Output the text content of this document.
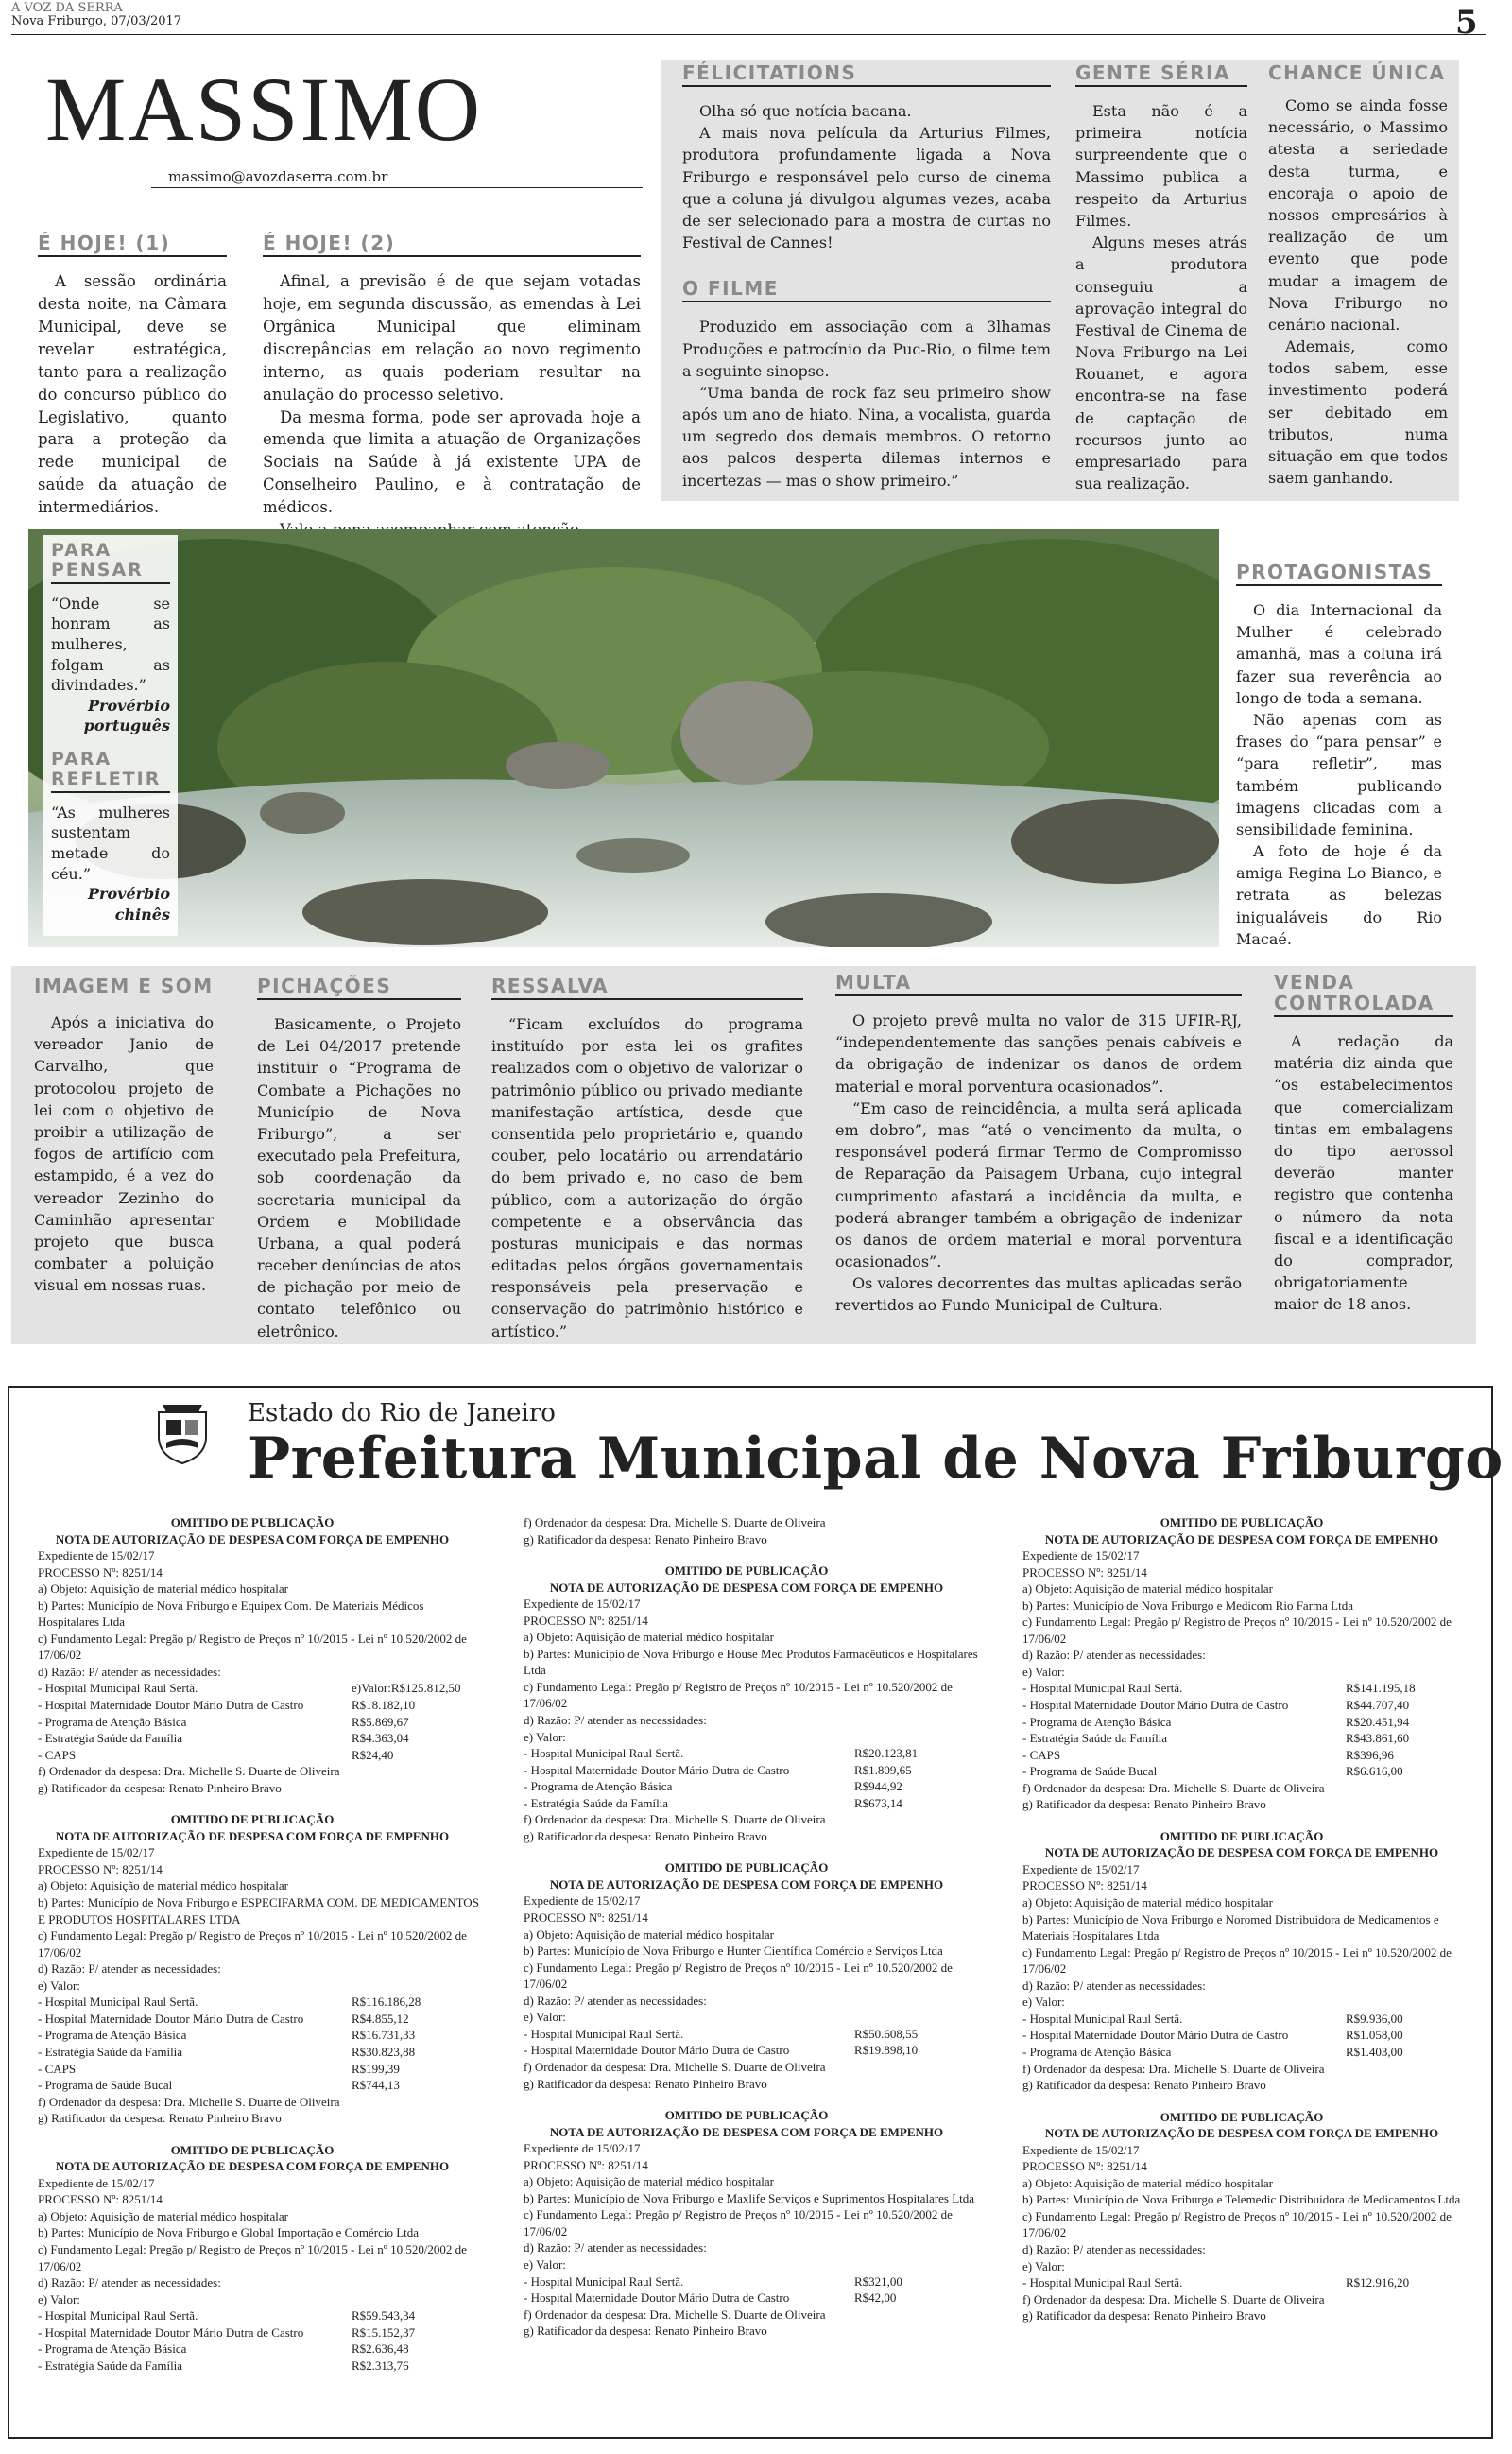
A VOZ DA SERRA
Nova Friburgo, 07/03/2017	5
MASSIMO
massimo@avozdaserra.com.br
É HOJE! (1)

A sessão ordinária desta noite, na Câmara Municipal, deve se revelar estratégica, tanto para a realização do concurso público do Legislativo, quanto para a proteção da rede municipal de saúde da atuação de intermediários.

É HOJE! (2)

Afinal, a previsão é de que sejam votadas hoje, em segunda discussão, as emendas à Lei Orgânica Municipal que eliminam discrepâncias em relação ao novo regimento interno, as quais poderiam resultar na anulação do processo seletivo.

Da mesma forma, pode ser aprovada hoje a emenda que limita a atuação de Organizações Sociais na Saúde à já existente UPA de Conselheiro Paulino, e à contratação de médicos.

FÉLICITATIONS

Olha só que notícia bacana.

A mais nova película da Arturius Filmes, produtora profundamente ligada a Nova Friburgo e responsável pelo curso de cinema que a coluna já divulgou algumas vezes, acaba de ser selecionado para a mostra de curtas no Festival de Cannes!

O FILME

Produzido em associação com a 3lhamas Produções e patrocínio da Puc-Rio, o filme tem a seguinte sinopse.

“Uma banda de rock faz seu primeiro show após um ano de hiato. Nina, a vocalista, guarda um segredo dos demais membros. O retorno aos palcos desperta dilemas internos e incertezas — mas o show primeiro.”

GENTE SÉRIA

Esta não é a primeira notícia surpreendente que o Massimo publica a respeito da Arturius Filmes.

Alguns meses atrás a produtora conseguiu a aprovação integral do Festival de Cinema de Nova Friburgo na Lei Rouanet, e agora encontra-se na fase de captação de recursos junto ao empresariado para sua realização.

CHANCE ÚNICA

Como se ainda fosse necessário, o Massimo atesta a seriedade desta turma, e encoraja o apoio de nossos empresários à realização de um evento que pode mudar a imagem de Nova Friburgo no cenário nacional.

Ademais, como todos sabem, esse investimento poderá ser debitado em tributos, numa situação em que todos saem ganhando.

PARA PENSAR
“Onde se honram as mulheres, folgam as divindades.”
Provérbio português
PARA REFLETIR
“As mulheres sustentam metade do céu.”
Provérbio chinês
PROTAGONISTAS

O dia Internacional da Mulher é celebrado amanhã, mas a coluna irá fazer sua reverência ao longo de toda a semana.

Não apenas com as frases do “para pensar” e “para refletir”, mas também publicando imagens clicadas com a sensibilidade feminina.

A foto de hoje é da amiga Regina Lo Bianco, e retrata as belezas inigualáveis do Rio Macaé.

IMAGEM E SOM

Após a iniciativa do vereador Janio de Carvalho, que protocolou projeto de lei com o objetivo de proibir a utilização de fogos de artifício com estampido, é a vez do vereador Zezinho do Caminhão apresentar projeto que busca combater a poluição visual em nossas ruas.

PICHAÇÕES

Basicamente, o Projeto de Lei 04/2017 pretende instituir o “Programa de Combate a Pichações no Município de Nova Friburgo”, a ser executado pela Prefeitura, sob coordenação da secretaria municipal da Ordem e Mobilidade Urbana, a qual poderá receber denúncias de atos de pichação por meio de contato telefônico ou eletrônico.

RESSALVA

“Ficam excluídos do programa instituído por esta lei os grafites realizados com o objetivo de valorizar o patrimônio público ou privado mediante manifestação artística, desde que consentida pelo proprietário e, quando couber, pelo locatário ou arrendatário do bem privado e, no caso de bem público, com a autorização do órgão competente e a observância das posturas municipais e das normas editadas pelos órgãos governamentais responsáveis pela preservação e conservação do patrimônio histórico e artístico.”

MULTA

O projeto prevê multa no valor de 315 UFIR-RJ, “independentemente das sanções penais cabíveis e da obrigação de indenizar os danos de ordem material e moral porventura ocasionados”.

“Em caso de reincidência, a multa será aplicada em dobro”, mas “até o vencimento da multa, o responsável poderá firmar Termo de Compromisso de Reparação da Paisagem Urbana, cujo integral cumprimento afastará a incidência da multa, e poderá abranger também a obrigação de indenizar os danos de ordem material e moral porventura ocasionados”.

Os valores decorrentes das multas aplicadas serão revertidos ao Fundo Municipal de Cultura.

VENDA CONTROLADA

A redação da matéria diz ainda que “os estabelecimentos que comercializam tintas em embalagens do tipo aerossol deverão manter registro que contenha o número da nota fiscal e a identificação do comprador, obrigatoriamente maior de 18 anos.

Estado do Rio de Janeiro
Prefeitura Municipal de Nova Friburgo
OMITIDO DE PUBLICAÇÃO
NOTA DE AUTORIZAÇÃO DE DESPESA COM FORÇA DE EMPENHO
Expediente de 15/02/17
PROCESSO Nº: 8251/14
a) Objeto: Aquisição de material médico hospitalar
b) Partes: Município de Nova Friburgo e Equipex Com. De Materiais Médicos Hospitalares Ltda
c) Fundamento Legal: Pregão p/ Registro de Preços nº 10/2015 - Lei nº 10.520/2002 de 17/06/02
d) Razão: P/ atender as necessidades:
- Hospital Municipal Raul Sertã.	e)Valor:R$125.812,50
- Hospital Maternidade Doutor Mário Dutra de Castro	R$18.182,10
- Programa de Atenção Básica	R$5.869,67
- Estratégia Saúde da Família	R$4.363,04
- CAPS	R$24,40
f) Ordenador da despesa: Dra. Michelle S. Duarte de Oliveira
g) Ratificador da despesa: Renato Pinheiro Bravo
OMITIDO DE PUBLICAÇÃO
NOTA DE AUTORIZAÇÃO DE DESPESA COM FORÇA DE EMPENHO
Expediente de 15/02/17
PROCESSO Nº: 8251/14
a) Objeto: Aquisição de material médico hospitalar
b) Partes: Município de Nova Friburgo e ESPECIFARMA COM. DE MEDICAMENTOS E PRODUTOS HOSPITALARES LTDA
c) Fundamento Legal: Pregão p/ Registro de Preços nº 10/2015 - Lei nº 10.520/2002 de 17/06/02
d) Razão: P/ atender as necessidades:
e) Valor:
- Hospital Municipal Raul Sertã.	R$116.186,28
- Hospital Maternidade Doutor Mário Dutra de Castro	R$4.855,12
- Programa de Atenção Básica	R$16.731,33
- Estratégia Saúde da Família	R$30.823,88
- CAPS	R$199,39
- Programa de Saúde Bucal	R$744,13
f) Ordenador da despesa: Dra. Michelle S. Duarte de Oliveira
g) Ratificador da despesa: Renato Pinheiro Bravo
OMITIDO DE PUBLICAÇÃO
NOTA DE AUTORIZAÇÃO DE DESPESA COM FORÇA DE EMPENHO
Expediente de 15/02/17
PROCESSO Nº: 8251/14
a) Objeto: Aquisição de material médico hospitalar
b) Partes: Município de Nova Friburgo e Global Importação e Comércio Ltda
c) Fundamento Legal: Pregão p/ Registro de Preços nº 10/2015 - Lei nº 10.520/2002 de 17/06/02
d) Razão: P/ atender as necessidades:
e) Valor:
- Hospital Municipal Raul Sertã.	R$59.543,34
- Hospital Maternidade Doutor Mário Dutra de Castro	R$15.152,37
- Programa de Atenção Básica	R$2.636,48
- Estratégia Saúde da Família	R$2.313,76
f) Ordenador da despesa: Dra. Michelle S. Duarte de Oliveira
g) Ratificador da despesa: Renato Pinheiro Bravo
OMITIDO DE PUBLICAÇÃO
NOTA DE AUTORIZAÇÃO DE DESPESA COM FORÇA DE EMPENHO
Expediente de 15/02/17
PROCESSO Nº: 8251/14
a) Objeto: Aquisição de material médico hospitalar
b) Partes: Município de Nova Friburgo e House Med Produtos Farmacêuticos e Hospitalares Ltda
c) Fundamento Legal: Pregão p/ Registro de Preços nº 10/2015 - Lei nº 10.520/2002 de 17/06/02
d) Razão: P/ atender as necessidades:
e) Valor:
- Hospital Municipal Raul Sertã.	R$20.123,81
- Hospital Maternidade Doutor Mário Dutra de Castro	R$1.809,65
- Programa de Atenção Básica	R$944,92
- Estratégia Saúde da Família	R$673,14
f) Ordenador da despesa: Dra. Michelle S. Duarte de Oliveira
g) Ratificador da despesa: Renato Pinheiro Bravo
OMITIDO DE PUBLICAÇÃO
NOTA DE AUTORIZAÇÃO DE DESPESA COM FORÇA DE EMPENHO
Expediente de 15/02/17
PROCESSO Nº: 8251/14
a) Objeto: Aquisição de material médico hospitalar
b) Partes: Município de Nova Friburgo e Hunter Científica Comércio e Serviços Ltda
c) Fundamento Legal: Pregão p/ Registro de Preços nº 10/2015 - Lei nº 10.520/2002 de 17/06/02
d) Razão: P/ atender as necessidades:
e) Valor:
- Hospital Municipal Raul Sertã.	R$50.608,55
- Hospital Maternidade Doutor Mário Dutra de Castro	R$19.898,10
f) Ordenador da despesa: Dra. Michelle S. Duarte de Oliveira
g) Ratificador da despesa: Renato Pinheiro Bravo
OMITIDO DE PUBLICAÇÃO
NOTA DE AUTORIZAÇÃO DE DESPESA COM FORÇA DE EMPENHO
Expediente de 15/02/17
PROCESSO Nº: 8251/14
a) Objeto: Aquisição de material médico hospitalar
b) Partes: Município de Nova Friburgo e Maxlife Serviços e Suprimentos Hospitalares Ltda
c) Fundamento Legal: Pregão p/ Registro de Preços nº 10/2015 - Lei nº 10.520/2002 de 17/06/02
d) Razão: P/ atender as necessidades:
e) Valor:
- Hospital Municipal Raul Sertã.	R$321,00
- Hospital Maternidade Doutor Mário Dutra de Castro	R$42,00
f) Ordenador da despesa: Dra. Michelle S. Duarte de Oliveira
g) Ratificador da despesa: Renato Pinheiro Bravo
OMITIDO DE PUBLICAÇÃO
NOTA DE AUTORIZAÇÃO DE DESPESA COM FORÇA DE EMPENHO
Expediente de 15/02/17
PROCESSO Nº: 8251/14
a) Objeto: Aquisição de material médico hospitalar
b) Partes: Município de Nova Friburgo e Medicom Rio Farma Ltda
c) Fundamento Legal: Pregão p/ Registro de Preços nº 10/2015 - Lei nº 10.520/2002 de 17/06/02
d) Razão: P/ atender as necessidades:
e) Valor:
- Hospital Municipal Raul Sertã.	R$141.195,18
- Hospital Maternidade Doutor Mário Dutra de Castro	R$44.707,40
- Programa de Atenção Básica	R$20.451,94
- Estratégia Saúde da Família	R$43.861,60
- CAPS	R$396,96
- Programa de Saúde Bucal	R$6.616,00
f) Ordenador da despesa: Dra. Michelle S. Duarte de Oliveira
g) Ratificador da despesa: Renato Pinheiro Bravo
OMITIDO DE PUBLICAÇÃO
NOTA DE AUTORIZAÇÃO DE DESPESA COM FORÇA DE EMPENHO
Expediente de 15/02/17
PROCESSO Nº: 8251/14
a) Objeto: Aquisição de material médico hospitalar
b) Partes: Município de Nova Friburgo e Noromed Distribuidora de Medicamentos e Materiais Hospitalares Ltda
c) Fundamento Legal: Pregão p/ Registro de Preços nº 10/2015 - Lei nº 10.520/2002 de 17/06/02
d) Razão: P/ atender as necessidades:
e) Valor:
- Hospital Municipal Raul Sertã.	R$9.936,00
- Hospital Maternidade Doutor Mário Dutra de Castro	R$1.058,00
- Programa de Atenção Básica	R$1.403,00
f) Ordenador da despesa: Dra. Michelle S. Duarte de Oliveira
g) Ratificador da despesa: Renato Pinheiro Bravo
OMITIDO DE PUBLICAÇÃO
NOTA DE AUTORIZAÇÃO DE DESPESA COM FORÇA DE EMPENHO
Expediente de 15/02/17
PROCESSO Nº: 8251/14
a) Objeto: Aquisição de material médico hospitalar
b) Partes: Município de Nova Friburgo e Telemedic Distribuidora de Medicamentos Ltda
c) Fundamento Legal: Pregão p/ Registro de Preços nº 10/2015 - Lei nº 10.520/2002 de 17/06/02
d) Razão: P/ atender as necessidades:
e) Valor:
- Hospital Municipal Raul Sertã.	R$12.916,20
f) Ordenador da despesa: Dra. Michelle S. Duarte de Oliveira
g) Ratificador da despesa: Renato Pinheiro Bravo
